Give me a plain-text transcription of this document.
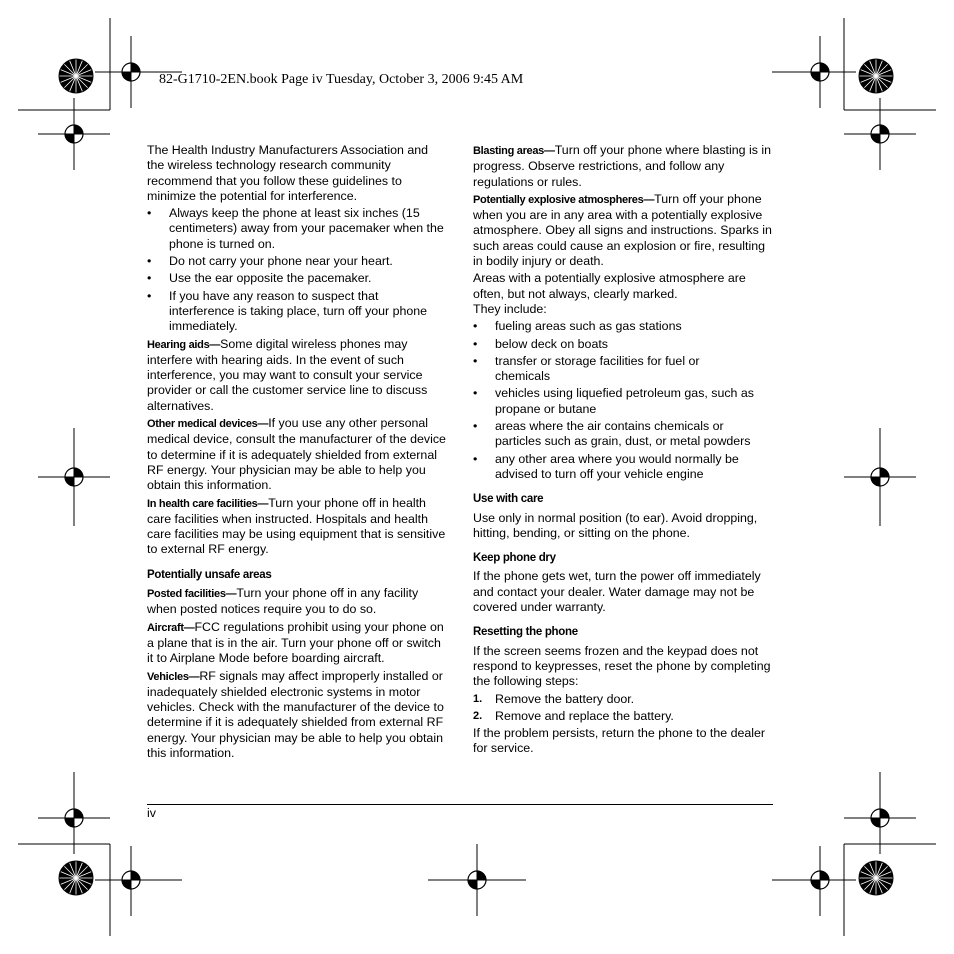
82-G1710-2EN.book Page iv Tuesday, October 3, 2006 9:45 AM

The Health Industry Manufacturers Association and the wireless technology research community recommend that you follow these guidelines to minimize the potential for interference.

• Always keep the phone at least six inches (15 centimeters) away from your pacemaker when the phone is turned on.
• Do not carry your phone near your heart.
• Use the ear opposite the pacemaker.
• If you have any reason to suspect that interference is taking place, turn off your phone immediately.

Hearing aids—Some digital wireless phones may interfere with hearing aids. In the event of such interference, you may want to consult your service provider or call the customer service line to discuss alternatives.

Other medical devices—If you use any other personal medical device, consult the manufacturer of the device to determine if it is adequately shielded from external RF energy. Your physician may be able to help you obtain this information.

In health care facilities—Turn your phone off in health care facilities when instructed. Hospitals and health care facilities may be using equipment that is sensitive to external RF energy.

Potentially unsafe areas

Posted facilities—Turn your phone off in any facility when posted notices require you to do so.

Aircraft—FCC regulations prohibit using your phone on a plane that is in the air. Turn your phone off or switch it to Airplane Mode before boarding aircraft.

Vehicles—RF signals may affect improperly installed or inadequately shielded electronic systems in motor vehicles. Check with the manufacturer of the device to determine if it is adequately shielded from external RF energy. Your physician may be able to help you obtain this information.

Blasting areas—Turn off your phone where blasting is in progress. Observe restrictions, and follow any regulations or rules.

Potentially explosive atmospheres—Turn off your phone when you are in any area with a potentially explosive atmosphere. Obey all signs and instructions. Sparks in such areas could cause an explosion or fire, resulting in bodily injury or death.

Areas with a potentially explosive atmosphere are often, but not always, clearly marked.

They include:

• fueling areas such as gas stations
• below deck on boats
• transfer or storage facilities for fuel or chemicals
• vehicles using liquefied petroleum gas, such as propane or butane
• areas where the air contains chemicals or particles such as grain, dust, or metal powders
• any other area where you would normally be advised to turn off your vehicle engine
Use with care

Use only in normal position (to ear). Avoid dropping, hitting, bending, or sitting on the phone.

Keep phone dry

If the phone gets wet, turn the power off immediately and contact your dealer. Water damage may not be covered under warranty.

Resetting the phone

If the screen seems frozen and the keypad does not respond to keypresses, reset the phone by completing the following steps:

1. Remove the battery door.
2. Remove and replace the battery.

If the problem persists, return the phone to the dealer for service.

iv
